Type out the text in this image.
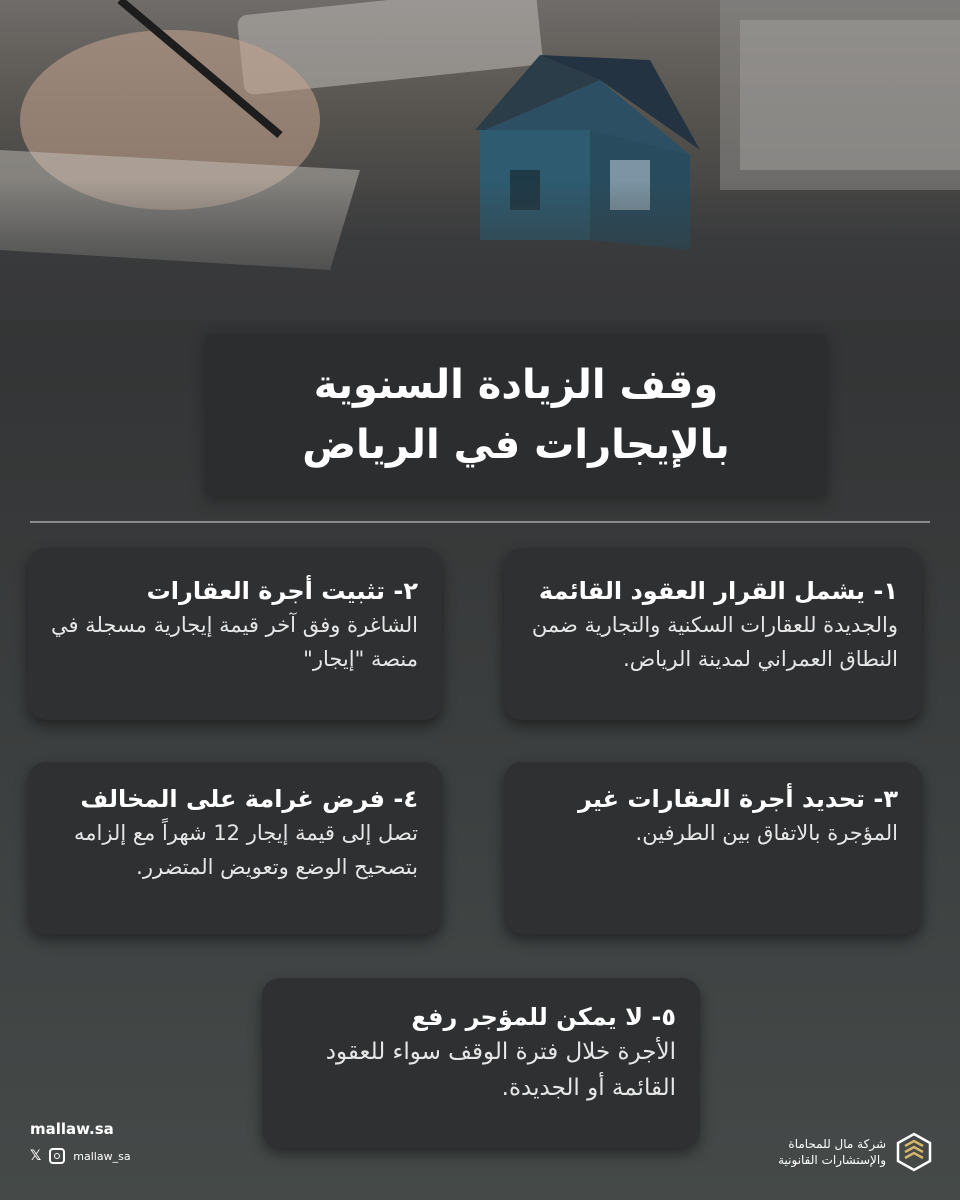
وقف الزيادة السنوية
بالإيجارات في الرياض
١- يشمل القرار العقود القائمة
والجديدة للعقارات السكنية والتجارية ضمن النطاق العمراني لمدينة الرياض.
٢- تثبيت أجرة العقارات
الشاغرة وفق آخر قيمة إيجارية مسجلة في منصة "إيجار"
٣- تحديد أجرة العقارات غير
المؤجرة بالاتفاق بين الطرفين.
٤- فرض غرامة على المخالف
تصل إلى قيمة إيجار 12 شهراً مع إلزامه بتصحيح الوضع وتعويض المتضرر.
٥- لا يمكن للمؤجر رفع
الأجرة خلال فترة الوقف سواء للعقود القائمة أو الجديدة.
mallaw.sa
𝕏	mallaw_sa
شركة مال للمحاماة
والإستشارات القانونية
